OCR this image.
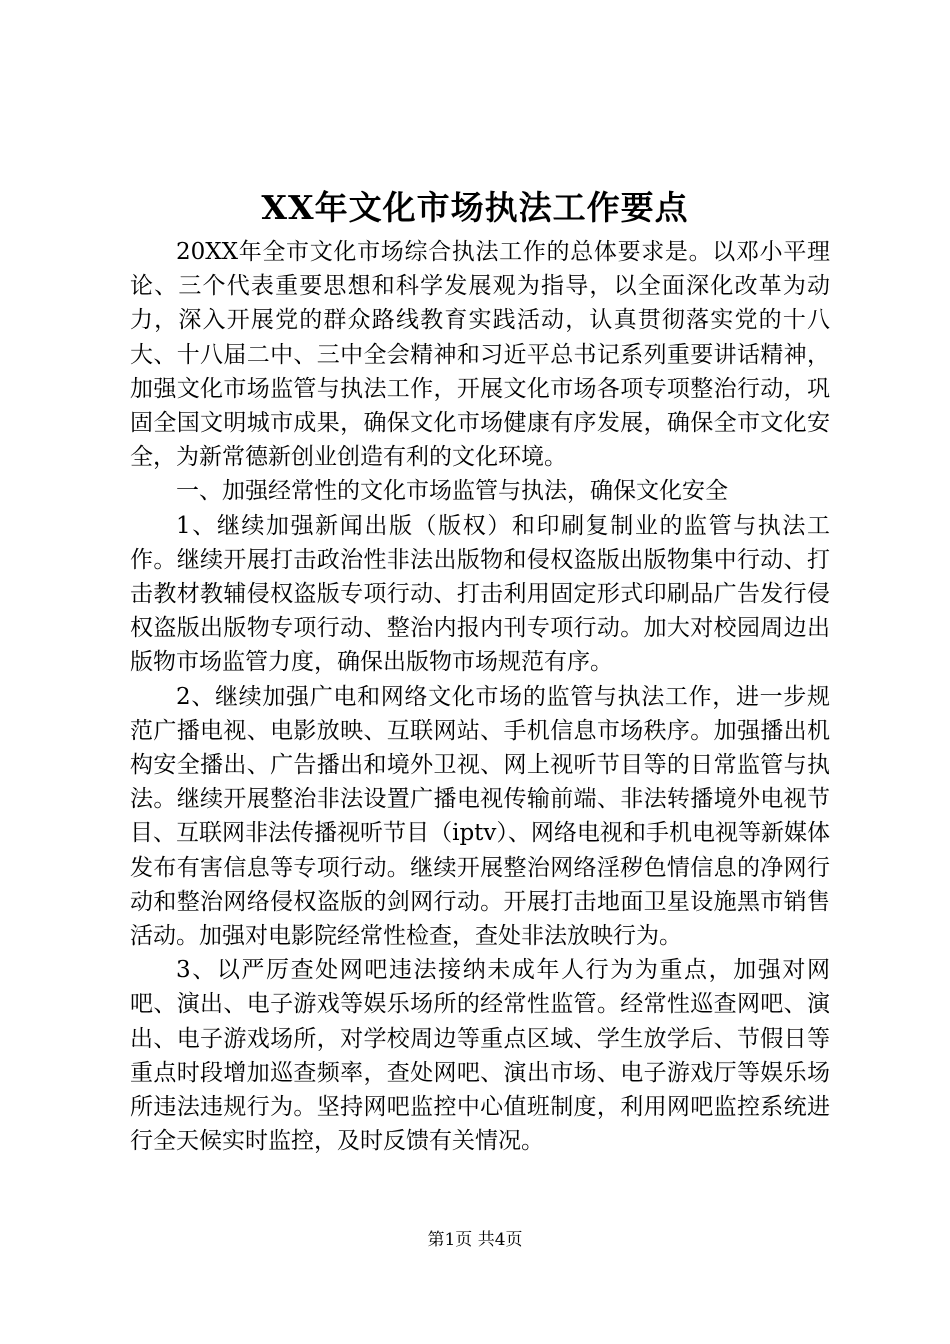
XX年文化市场执法工作要点

20XX年全市文化市场综合执法工作的总体要求是。以邓小平理论、三个代表重要思想和科学发展观为指导，以全面深化改革为动力，深入开展党的群众路线教育实践活动，认真贯彻落实党的十八大、十八届二中、三中全会精神和习近平总书记系列重要讲话精神，加强文化市场监管与执法工作，开展文化市场各项专项整治行动，巩固全国文明城市成果，确保文化市场健康有序发展，确保全市文化安全，为新常德新创业创造有利的文化环境。

一、加强经常性的文化市场监管与执法，确保文化安全

1、继续加强新闻出版（版权）和印刷复制业的监管与执法工作。继续开展打击政治性非法出版物和侵权盗版出版物集中行动、打击教材教辅侵权盗版专项行动、打击利用固定形式印刷品广告发行侵权盗版出版物专项行动、整治内报内刊专项行动。加大对校园周边出版物市场监管力度，确保出版物市场规范有序。

2、继续加强广电和网络文化市场的监管与执法工作，进一步规范广播电视、电影放映、互联网站、手机信息市场秩序。加强播出机构安全播出、广告播出和境外卫视、网上视听节目等的日常监管与执法。继续开展整治非法设置广播电视传输前端、非法转播境外电视节目、互联网非法传播视听节目（iptv）、网络电视和手机电视等新媒体发布有害信息等专项行动。继续开展整治网络淫秽色情信息的净网行动和整治网络侵权盗版的剑网行动。开展打击地面卫星设施黑市销售活动。加强对电影院经常性检查，查处非法放映行为。

3、以严厉查处网吧违法接纳未成年人行为为重点，加强对网吧、演出、电子游戏等娱乐场所的经常性监管。经常性巡查网吧、演出、电子游戏场所，对学校周边等重点区域、学生放学后、节假日等重点时段增加巡查频率，查处网吧、演出市场、电子游戏厅等娱乐场所违法违规行为。坚持网吧监控中心值班制度，利用网吧监控系统进行全天候实时监控，及时反馈有关情况。

第1页 共4页
